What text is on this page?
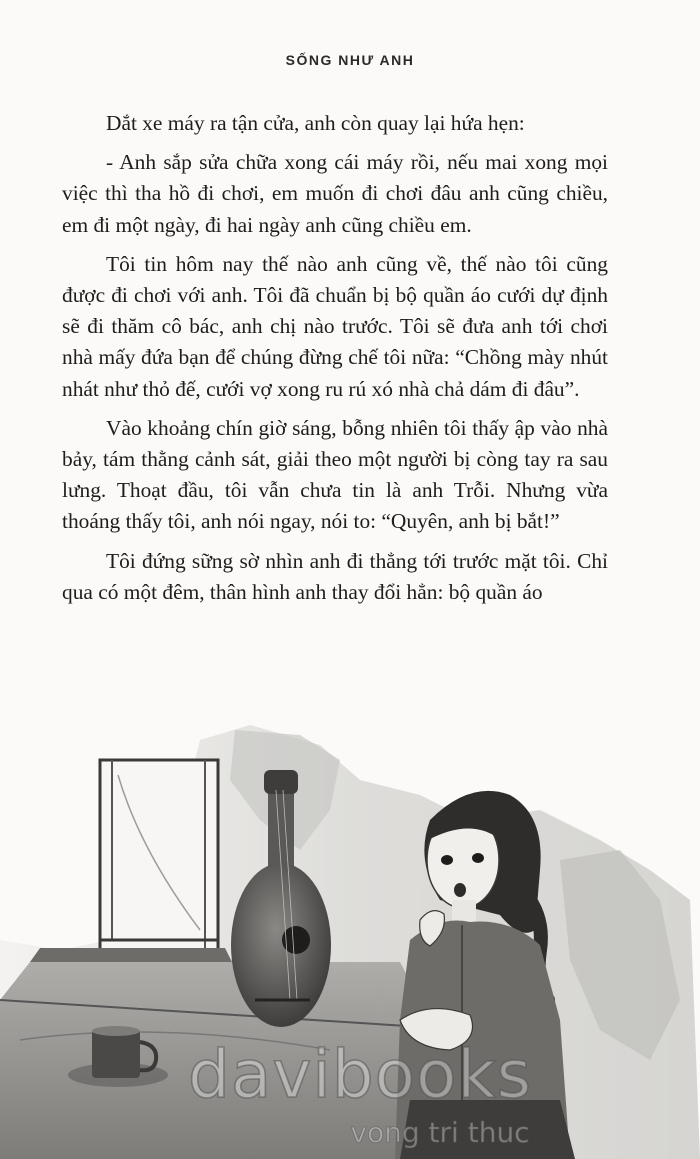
SỐNG NHƯ ANH

Dắt xe máy ra tận cửa, anh còn quay lại hứa hẹn:

- Anh sắp sửa chữa xong cái máy rồi, nếu mai xong mọi việc thì tha hồ đi chơi, em muốn đi chơi đâu anh cũng chiều, em đi một ngày, đi hai ngày anh cũng chiều em.

Tôi tin hôm nay thế nào anh cũng về, thế nào tôi cũng được đi chơi với anh. Tôi đã chuẩn bị bộ quần áo cưới dự định sẽ đi thăm cô bác, anh chị nào trước. Tôi sẽ đưa anh tới chơi nhà mấy đứa bạn để chúng đừng chế tôi nữa: “Chồng mày nhút nhát như thỏ đế, cưới vợ xong ru rú xó nhà chả dám đi đâu”.

Vào khoảng chín giờ sáng, bỗng nhiên tôi thấy ập vào nhà bảy, tám thằng cảnh sát, giải theo một người bị còng tay ra sau lưng. Thoạt đầu, tôi vẫn chưa tin là anh Trỗi. Nhưng vừa thoáng thấy tôi, anh nói ngay, nói to: “Quyên, anh bị bắt!”

Tôi đứng sững sờ nhìn anh đi thẳng tới trước mặt tôi. Chỉ qua có một đêm, thân hình anh thay đổi hẳn: bộ quần áo

davibooks
vong tri thuc
